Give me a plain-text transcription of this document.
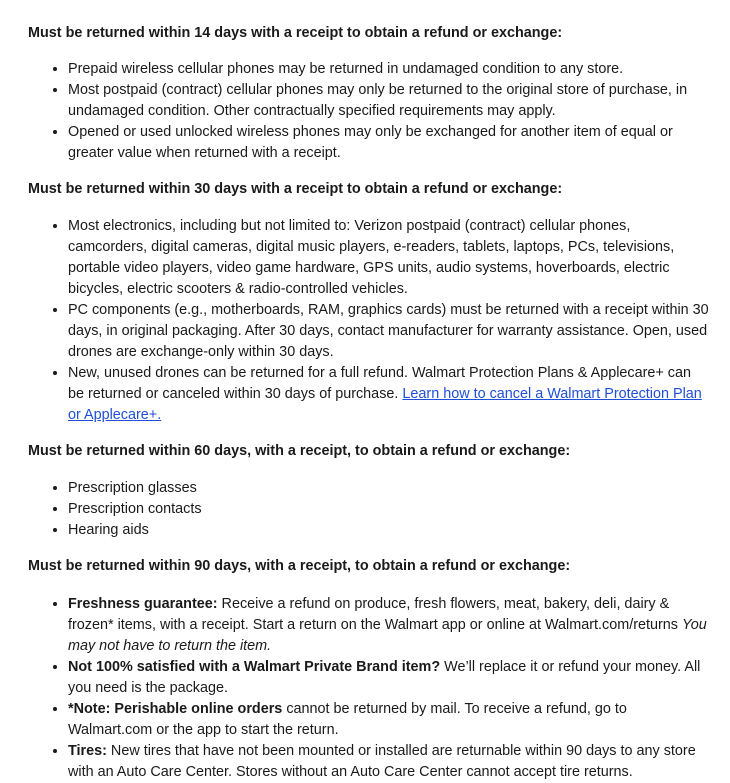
Must be returned within 14 days with a receipt to obtain a refund or exchange:

• Prepaid wireless cellular phones may be returned in undamaged condition to any store.
• Most postpaid (contract) cellular phones may only be returned to the original store of purchase, in undamaged condition. Other contractually specified requirements may apply.
• Opened or used unlocked wireless phones may only be exchanged for another item of equal or greater value when returned with a receipt.

Must be returned within 30 days with a receipt to obtain a refund or exchange:

• Most electronics, including but not limited to: Verizon postpaid (contract) cellular phones, camcorders, digital cameras, digital music players, e-readers, tablets, laptops, PCs, televisions, portable video players, video game hardware, GPS units, audio systems, hoverboards, electric bicycles, electric scooters & radio-controlled vehicles.
• PC components (e.g., motherboards, RAM, graphics cards) must be returned with a receipt within 30 days, in original packaging. After 30 days, contact manufacturer for warranty assistance. Open, used drones are exchange-only within 30 days.
• New, unused drones can be returned for a full refund. Walmart Protection Plans & Applecare+ can be returned or canceled within 30 days of purchase. Learn how to cancel a Walmart Protection Plan or Applecare+.

Must be returned within 60 days, with a receipt, to obtain a refund or exchange:

• Prescription glasses
• Prescription contacts
• Hearing aids

Must be returned within 90 days, with a receipt, to obtain a refund or exchange:

• Freshness guarantee: Receive a refund on produce, fresh flowers, meat, bakery, deli, dairy & frozen* items, with a receipt. Start a return on the Walmart app or online at Walmart.com/returns You may not have to return the item.
• Not 100% satisfied with a Walmart Private Brand item? We’ll replace it or refund your money. All you need is the package.
• *Note: Perishable online orders cannot be returned by mail. To receive a refund, go to Walmart.com or the app to start the return.
• Tires: New tires that have not been mounted or installed are returnable within 90 days to any store with an Auto Care Center. Stores without an Auto Care Center cannot accept tire returns.
